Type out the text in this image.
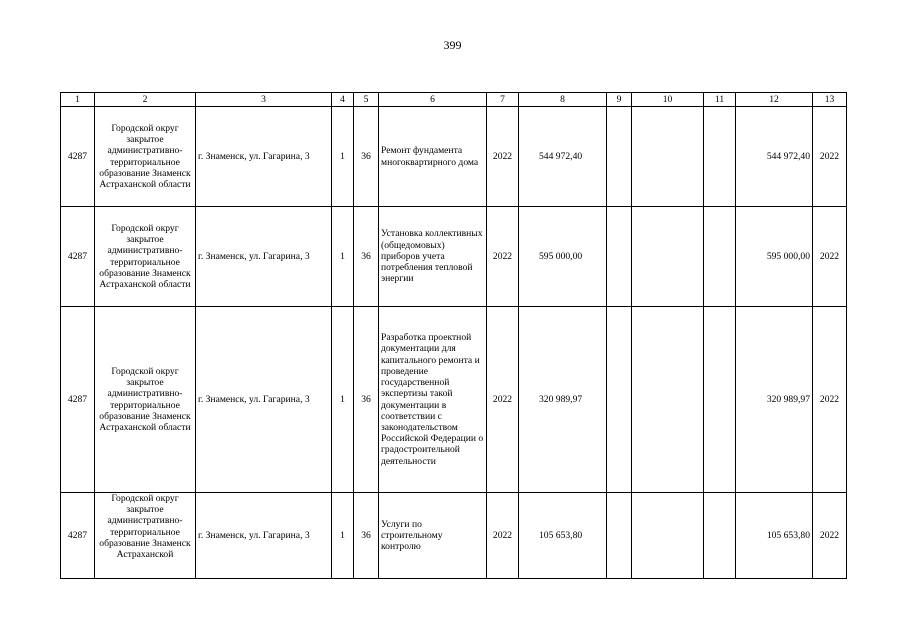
399
1	2	3	4	5	6	7	8	9	10	11	12	13
4287	Городской округ закрытое административно-территориальное образование Знаменск Астраханской области	г. Знаменск, ул. Гагарина, 3	1	36	Ремонт фундамента многоквартирного дома	2022	544 972,40				544 972,40	2022
4287	Городской округ закрытое административно-территориальное образование Знаменск Астраханской области	г. Знаменск, ул. Гагарина, 3	1	36	Установка коллективных (общедомовых) приборов учета потребления тепловой энергии	2022	595 000,00				595 000,00	2022
4287	Городской округ закрытое административно-территориальное образование Знаменск Астраханской области	г. Знаменск, ул. Гагарина, 3	1	36	Разработка проектной документации для капитального ремонта и проведение государственной экспертизы такой документации в соответствии с законодательством Российской Федерации о градостроительной деятельности	2022	320 989,97				320 989,97	2022
4287	Городской округ закрытое административно-территориальное образование Знаменск Астраханской	г. Знаменск, ул. Гагарина, 3	1	36	Услуги по строительному контролю	2022	105 653,80				105 653,80	2022
